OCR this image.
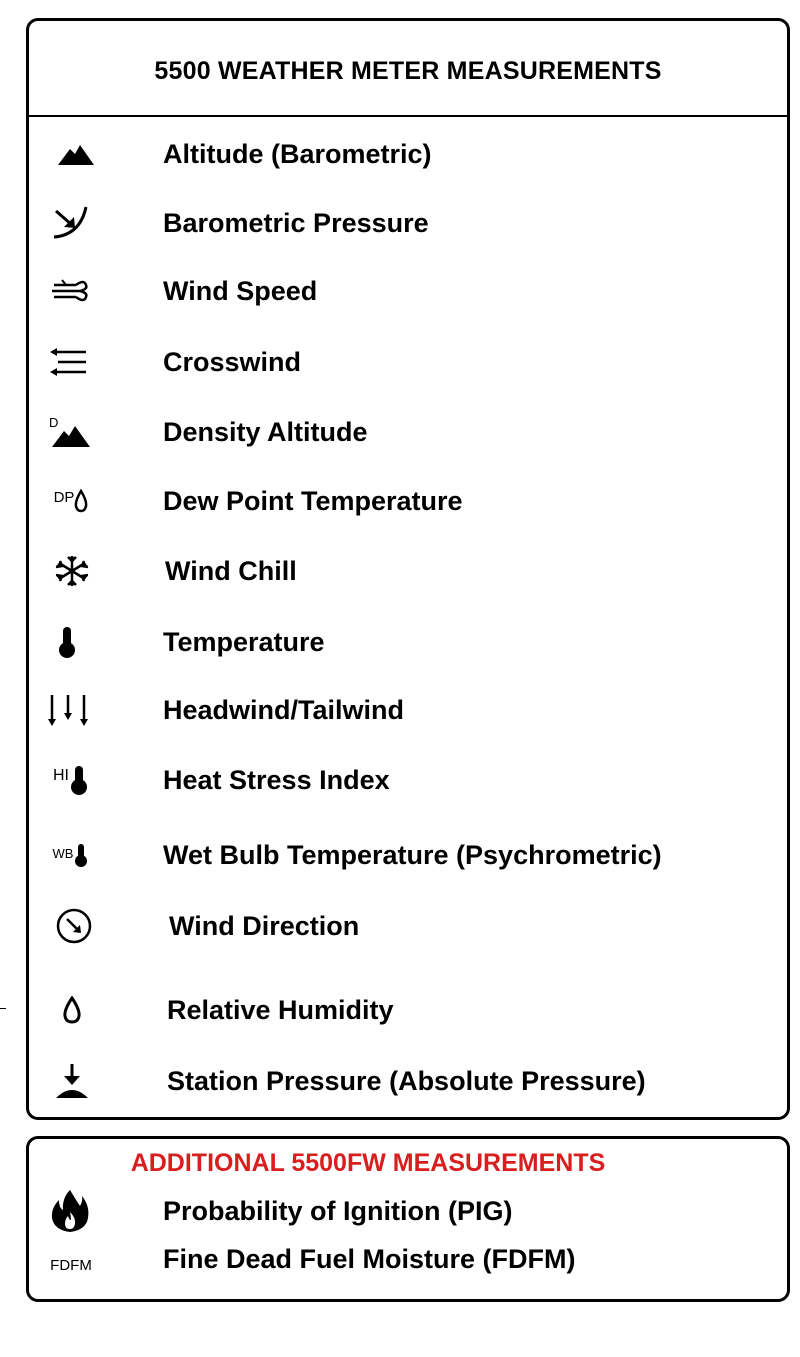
5500 WEATHER METER MEASUREMENTS
Altitude (Barometric)
Barometric Pressure
Wind Speed
Crosswind
D	Density Altitude
DP	Dew Point Temperature
Wind Chill
Temperature
Headwind/Tailwind
HI	Heat Stress Index
WB	Wet Bulb Temperature (Psychrometric)
Wind Direction
Relative Humidity
Station Pressure (Absolute Pressure)
ADDITIONAL 5500FW MEASUREMENTS
Probability of Ignition (PIG)
FDFM	Fine Dead Fuel Moisture (FDFM)
